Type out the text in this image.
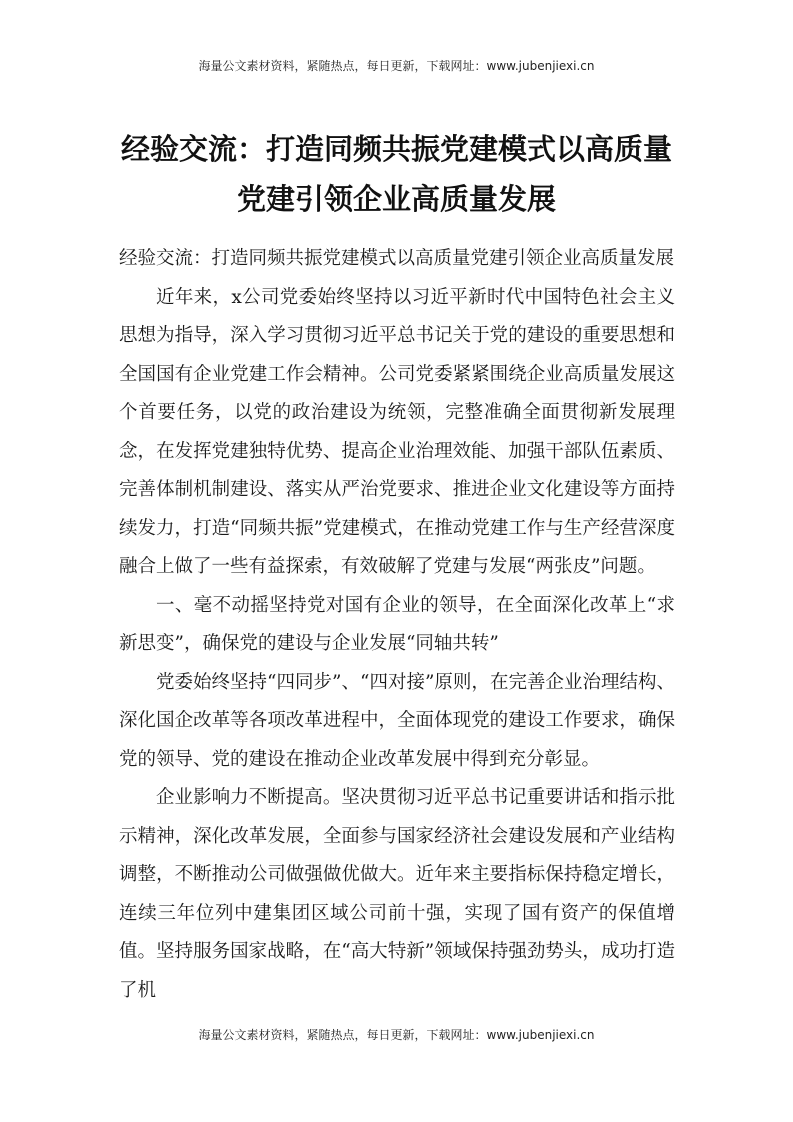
海量公文素材资料，紧随热点，每日更新，下载网址：www.jubenjiexi.cn
经验交流：打造同频共振党建模式以高质量
党建引领企业高质量发展

经验交流：打造同频共振党建模式以高质量党建引领企业高质量发展

近年来，x公司党委始终坚持以习近平新时代中国特色社会主义思想为指导，深入学习贯彻习近平总书记关于党的建设的重要思想和全国国有企业党建工作会精神。公司党委紧紧围绕企业高质量发展这个首要任务，以党的政治建设为统领，完整准确全面贯彻新发展理念，在发挥党建独特优势、提高企业治理效能、加强干部队伍素质、完善体制机制建设、落实从严治党要求、推进企业文化建设等方面持续发力，打造“同频共振”党建模式，在推动党建工作与生产经营深度融合上做了一些有益探索，有效破解了党建与发展“两张皮”问题。

一、毫不动摇坚持党对国有企业的领导，在全面深化改革上“求新思变”，确保党的建设与企业发展“同轴共转”

党委始终坚持“四同步”、“四对接”原则，在完善企业治理结构、深化国企改革等各项改革进程中，全面体现党的建设工作要求，确保党的领导、党的建设在推动企业改革发展中得到充分彰显。

企业影响力不断提高。坚决贯彻习近平总书记重要讲话和指示批示精神，深化改革发展，全面参与国家经济社会建设发展和产业结构调整，不断推动公司做强做优做大。近年来主要指标保持稳定增长，连续三年位列中建集团区域公司前十强，实现了国有资产的保值增值。坚持服务国家战略，在“高大特新”领域保持强劲势头，成功打造了机

海量公文素材资料，紧随热点，每日更新，下载网址：www.jubenjiexi.cn
